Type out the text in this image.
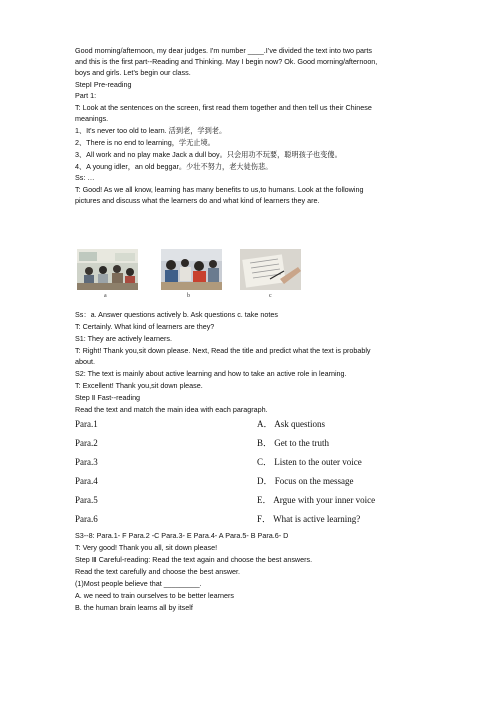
Good morning/afternoon, my dear judges. I'm number ____.I’ve divided the text into two parts
and this is the first part--Reading and Thinking. May I begin now? Ok. Good morning/afternoon,
boys and girls. Let’s begin our class.
StepⅠ Pre-reading
Part 1:
T: Look at the sentences on the screen, first read them together and then tell us their Chinese
meanings.
1、It's never too old to learn. 活到老，学到老。
2、There is no end to learning，学无止境。
3、All work and no play make Jack a dull boy。只会用功不玩要，聪明孩子也变傻。
4、A young idler，an old beggar。少壮不努力，老大徒伤悲。
Ss: …
T: Good! As we all know, learning has many benefits to us,to humans. Look at the following
pictures and discuss what the learners do and what kind of learners they are.
a	b	c
Ss：a. Answer questions actively b. Ask questions c. take notes
T: Certainly. What kind of learners are they?
S1: They are actively learners.
T: Right! Thank you,sit down please. Next, Read the title and predict what the text is probably
about.
S2: The text is mainly about active learning and how to take an active role in learning.
T: Excellent! Thank you,sit down please.
Step Ⅱ Fast--reading
Read the text and match the main idea with each paragraph.
Para.1	A． Ask questions
Para.2	B． Get to the truth
Para.3	C． Listen to the outer voice
Para.4	D． Focus on the message
Para.5	E． Argue with your inner voice
Para.6	F． What is active learning?
S3--8: Para.1- F Para.2 -C Para.3- E Para.4- A Para.5- B Para.6- D
T: Very good! Thank you all, sit down please!
Step Ⅲ Careful-reading: Read the text again and choose the best answers.
Read the text carefully and choose the best answer.
(1)Most people believe that _________.
A. we need to train ourselves to be better learners
B. the human brain learns all by itself
